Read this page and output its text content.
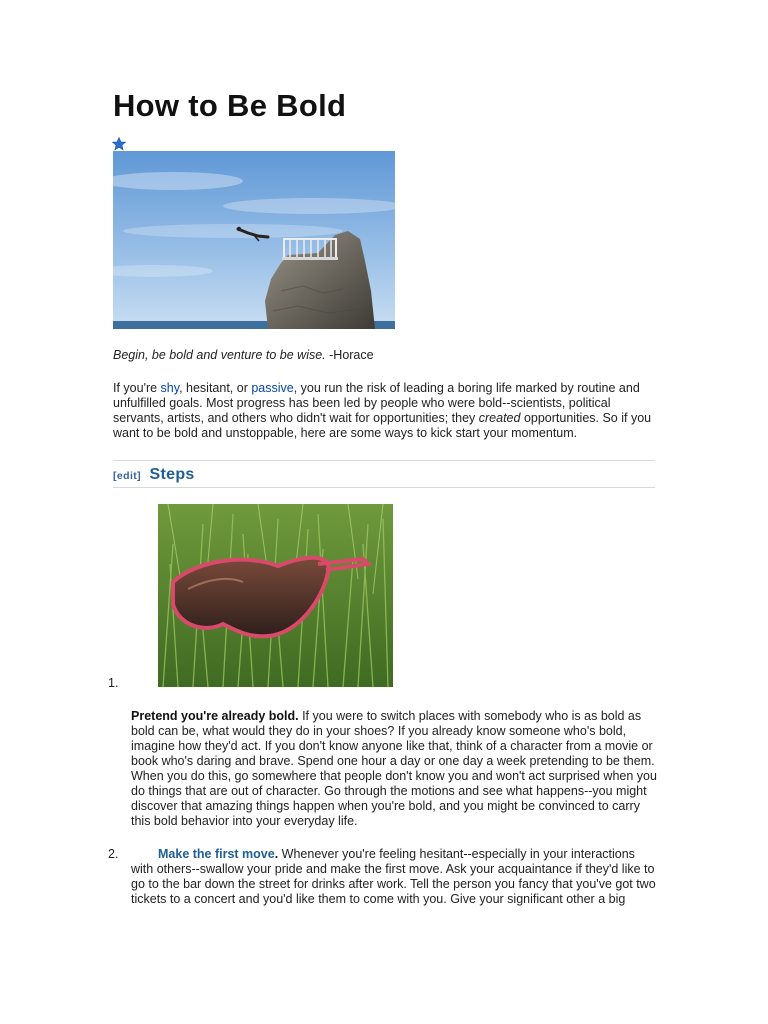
How to Be Bold

Begin, be bold and venture to be wise. -Horace

If you're shy, hesitant, or passive, you run the risk of leading a boring life marked by routine and unfulfilled goals. Most progress has been led by people who were bold--scientists, political servants, artists, and others who didn't wait for opportunities; they created opportunities. So if you want to be bold and unstoppable, here are some ways to kick start your momentum.

[edit] Steps
1.

Pretend you're already bold. If you were to switch places with somebody who is as bold as bold can be, what would they do in your shoes? If you already know someone who's bold, imagine how they'd act. If you don't know anyone like that, think of a character from a movie or book who's daring and brave. Spend one hour a day or one day a week pretending to be them. When you do this, go somewhere that people don't know you and won't act surprised when you do things that are out of character. Go through the motions and see what happens--you might discover that amazing things happen when you're bold, and you might be convinced to carry this bold behavior into your everyday life.

2.	Make the first move. Whenever you're feeling hesitant--especially in your interactions with others--swallow your pride and make the first move. Ask your acquaintance if they'd like to go to the bar down the street for drinks after work. Tell the person you fancy that you've got two tickets to a concert and you'd like them to come with you. Give your significant other a big
